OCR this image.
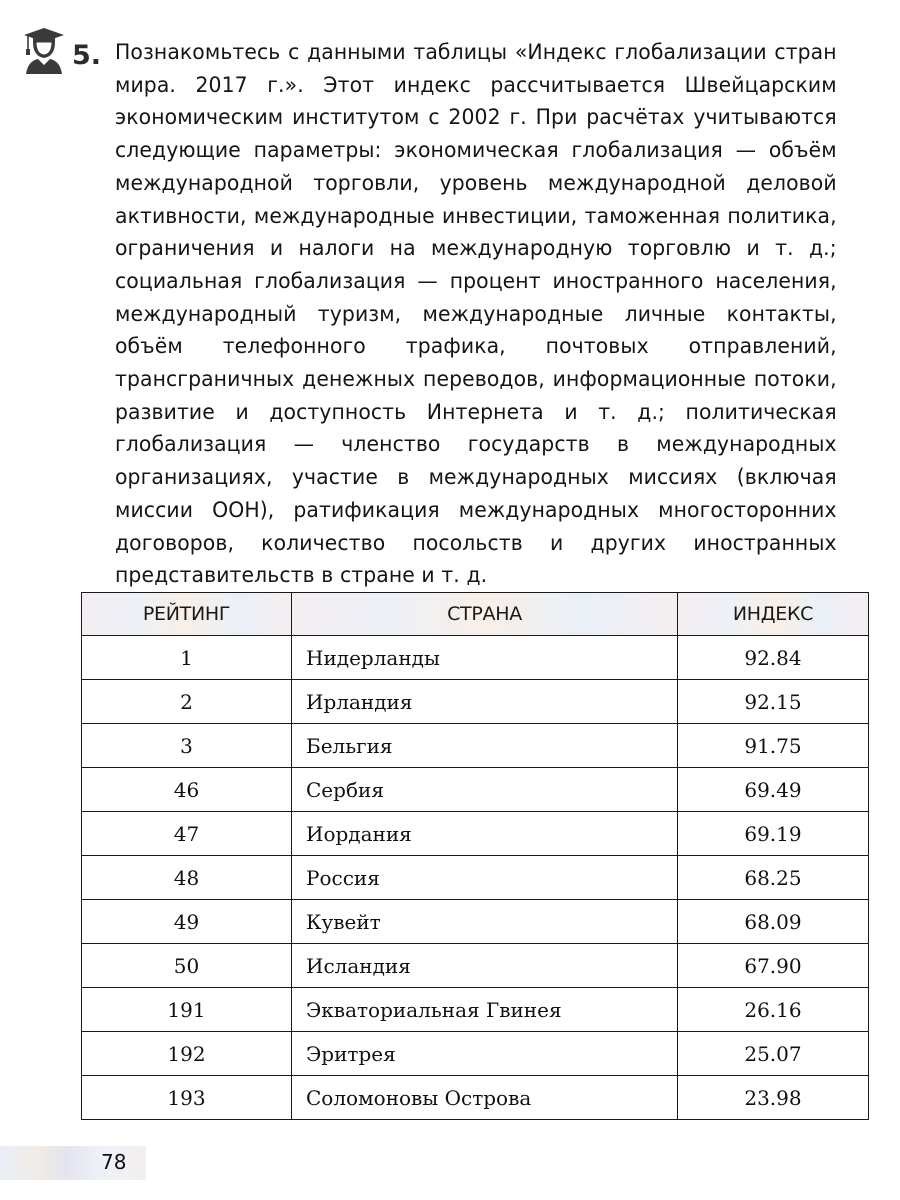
5. Познакомьтесь с данными таблицы «Индекс глобализации стран мира. 2017 г.». Этот индекс рассчитывается Швейцарским экономическим институтом с 2002 г. При расчётах учитываются следующие параметры: экономическая глобализация — объём международной торговли, уровень международной деловой активности, международные инвестиции, таможенная политика, ограничения и налоги на международную торговлю и т. д.; социальная глобализация — процент иностранного населения, международный туризм, международные личные контакты, объём телефонного трафика, почтовых отправлений, трансграничных денежных переводов, информационные потоки, развитие и доступность Интернета и т. д.; политическая глобализация — членство государств в международных организациях, участие в международных миссиях (включая миссии ООН), ратификация международных многосторонних договоров, количество посольств и других иностранных представительств в стране и т. д.
РЕЙТИНГ	СТРАНА	ИНДЕКС
1	Нидерланды	92.84
2	Ирландия	92.15
3	Бельгия	91.75
46	Сербия	69.49
47	Иордания	69.19
48	Россия	68.25
49	Кувейт	68.09
50	Исландия	67.90
191	Экваториальная Гвинея	26.16
192	Эритрея	25.07
193	Соломоновы Острова	23.98
78
